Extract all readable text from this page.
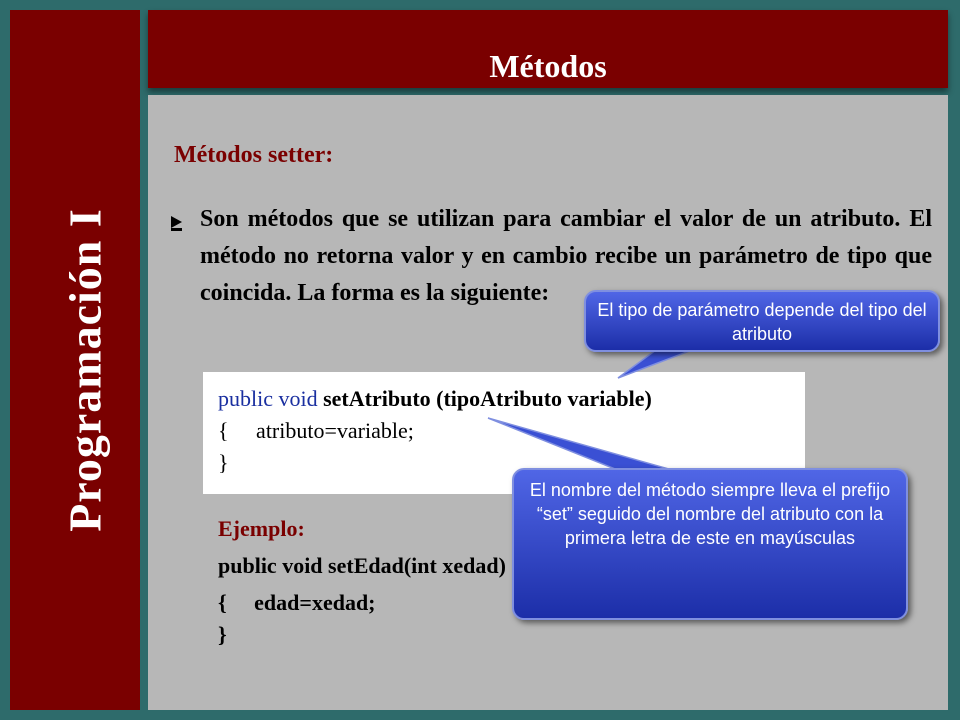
Programación I
Métodos
Métodos setter:
Son métodos que se utilizan para cambiar el valor de un atributo. El método no retorna valor y en cambio recibe un parámetro de tipo que coincida. La forma es la siguiente:
public void setAtributo (tipoAtributo variable)
{     atributo=variable;
}
Ejemplo:
public void setEdad(int xedad)
{     edad=xedad;
}
El tipo de parámetro depende del tipo del atributo
El nombre del método siempre lleva el prefijo “set” seguido del nombre del atributo con la primera letra de este en mayúsculas
